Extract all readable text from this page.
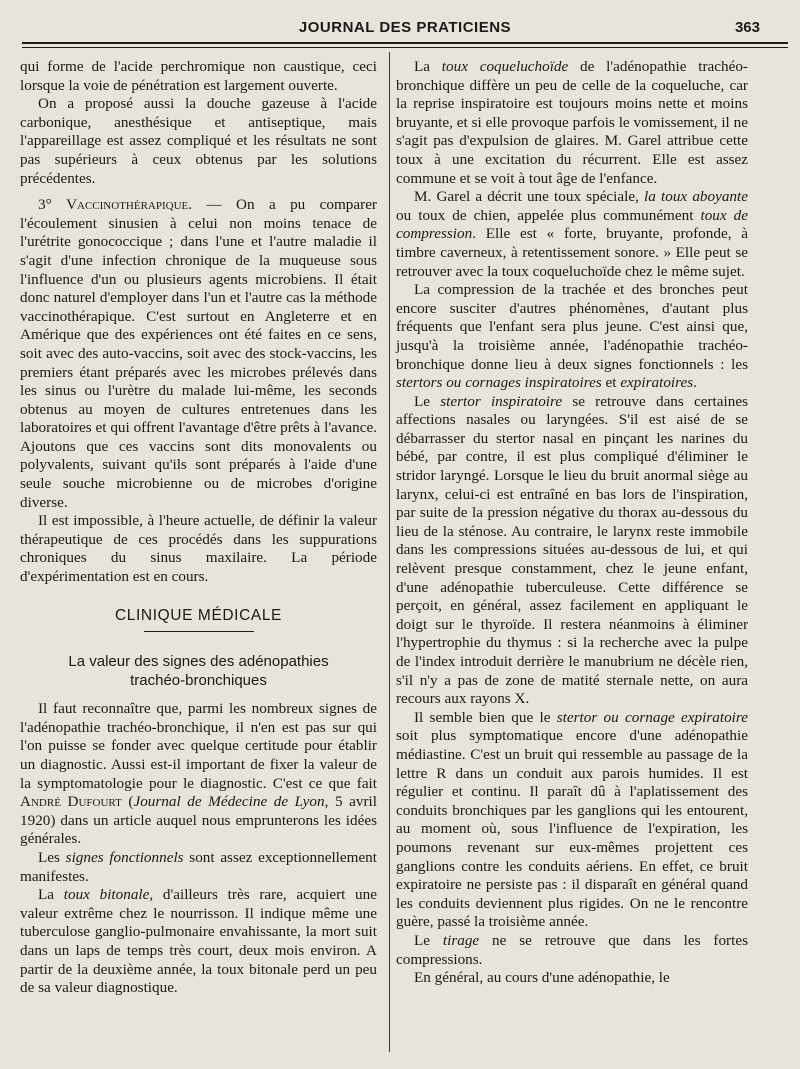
JOURNAL DES PRATICIENS	363

qui forme de l'acide perchromique non caustique, ceci lorsque la voie de pénétration est largement ouverte.

On a proposé aussi la douche gazeuse à l'acide carbonique, anesthésique et antiseptique, mais l'appareillage est assez compliqué et les résultats ne sont pas supérieurs à ceux obtenus par les solutions précédentes.

3° Vaccinothérapique. — On a pu comparer l'écoulement sinusien à celui non moins tenace de l'urétrite gonococcique ; dans l'une et l'autre maladie il s'agit d'une infection chronique de la muqueuse sous l'influence d'un ou plusieurs agents microbiens. Il était donc naturel d'employer dans l'un et l'autre cas la méthode vaccinothérapique. C'est surtout en Angleterre et en Amérique que des expériences ont été faites en ce sens, soit avec des auto-vaccins, soit avec des stock-vaccins, les premiers étant préparés avec les microbes prélevés dans les sinus ou l'urètre du malade lui-même, les seconds obtenus au moyen de cultures entretenues dans les laboratoires et qui offrent l'avantage d'être prêts à l'avance. Ajoutons que ces vaccins sont dits monovalents ou polyvalents, suivant qu'ils sont préparés à l'aide d'une seule souche microbienne ou de microbes d'origine diverse.

Il est impossible, à l'heure actuelle, de définir la valeur thérapeutique de ces procédés dans les suppurations chroniques du sinus maxilaire. La période d'expérimentation est en cours.

CLINIQUE MÉDICALE
La valeur des signes des adénopathies
trachéo-bronchiques

Il faut reconnaître que, parmi les nombreux signes de l'adénopathie trachéo-bronchique, il n'en est pas sur qui l'on puisse se fonder avec quelque certitude pour établir un diagnostic. Aussi est-il important de fixer la valeur de la symptomatologie pour le diagnostic. C'est ce que fait André Dufourt (Journal de Médecine de Lyon, 5 avril 1920) dans un article auquel nous emprunterons les idées générales.

Les signes fonctionnels sont assez exceptionnellement manifestes.

La toux bitonale, d'ailleurs très rare, acquiert une valeur extrême chez le nourrisson. Il indique même une tuberculose ganglio-pulmonaire envahissante, la mort suit dans un laps de temps très court, deux mois environ. A partir de la deuxième année, la toux bitonale perd un peu de sa valeur diagnostique.

La toux coqueluchoïde de l'adénopathie trachéo-bronchique diffère un peu de celle de la coqueluche, car la reprise inspiratoire est toujours moins nette et moins bruyante, et si elle provoque parfois le vomissement, il ne s'agit pas d'expulsion de glaires. M. Garel attribue cette toux à une excitation du récurrent. Elle est assez commune et se voit à tout âge de l'enfance.

M. Garel a décrit une toux spéciale, la toux aboyante ou toux de chien, appelée plus communément toux de compression. Elle est « forte, bruyante, profonde, à timbre caverneux, à retentissement sonore. » Elle peut se retrouver avec la toux coqueluchoïde chez le même sujet.

La compression de la trachée et des bronches peut encore susciter d'autres phénomènes, d'autant plus fréquents que l'enfant sera plus jeune. C'est ainsi que, jusqu'à la troisième année, l'adénopathie trachéo-bronchique donne lieu à deux signes fonctionnels : les stertors ou cornages inspiratoires et expiratoires.

Le stertor inspiratoire se retrouve dans certaines affections nasales ou laryngées. S'il est aisé de se débarrasser du stertor nasal en pinçant les narines du bébé, par contre, il est plus compliqué d'éliminer le stridor laryngé. Lorsque le lieu du bruit anormal siège au larynx, celui-ci est entraîné en bas lors de l'inspiration, par suite de la pression négative du thorax au-dessous du lieu de la sténose. Au contraire, le larynx reste immobile dans les compressions situées au-dessous de lui, et qui relèvent presque constamment, chez le jeune enfant, d'une adénopathie tuberculeuse. Cette différence se perçoit, en général, assez facilement en appliquant le doigt sur le thyroïde. Il restera néanmoins à éliminer l'hypertrophie du thymus : si la recherche avec la pulpe de l'index introduit derrière le manubrium ne décèle rien, s'il n'y a pas de zone de matité sternale nette, on aura recours aux rayons X.

Il semble bien que le stertor ou cornage expiratoire soit plus symptomatique encore d'une adénopathie médiastine. C'est un bruit qui ressemble au passage de la lettre R dans un conduit aux parois humides. Il est régulier et continu. Il paraît dû à l'aplatissement des conduits bronchiques par les ganglions qui les entourent, au moment où, sous l'influence de l'expiration, les poumons revenant sur eux-mêmes projettent ces ganglions contre les conduits aériens. En effet, ce bruit expiratoire ne persiste pas : il disparaît en général quand les conduits deviennent plus rigides. On ne le rencontre guère, passé la troisième année.

Le tirage ne se retrouve que dans les fortes compressions.

En général, au cours d'une adénopathie, le
